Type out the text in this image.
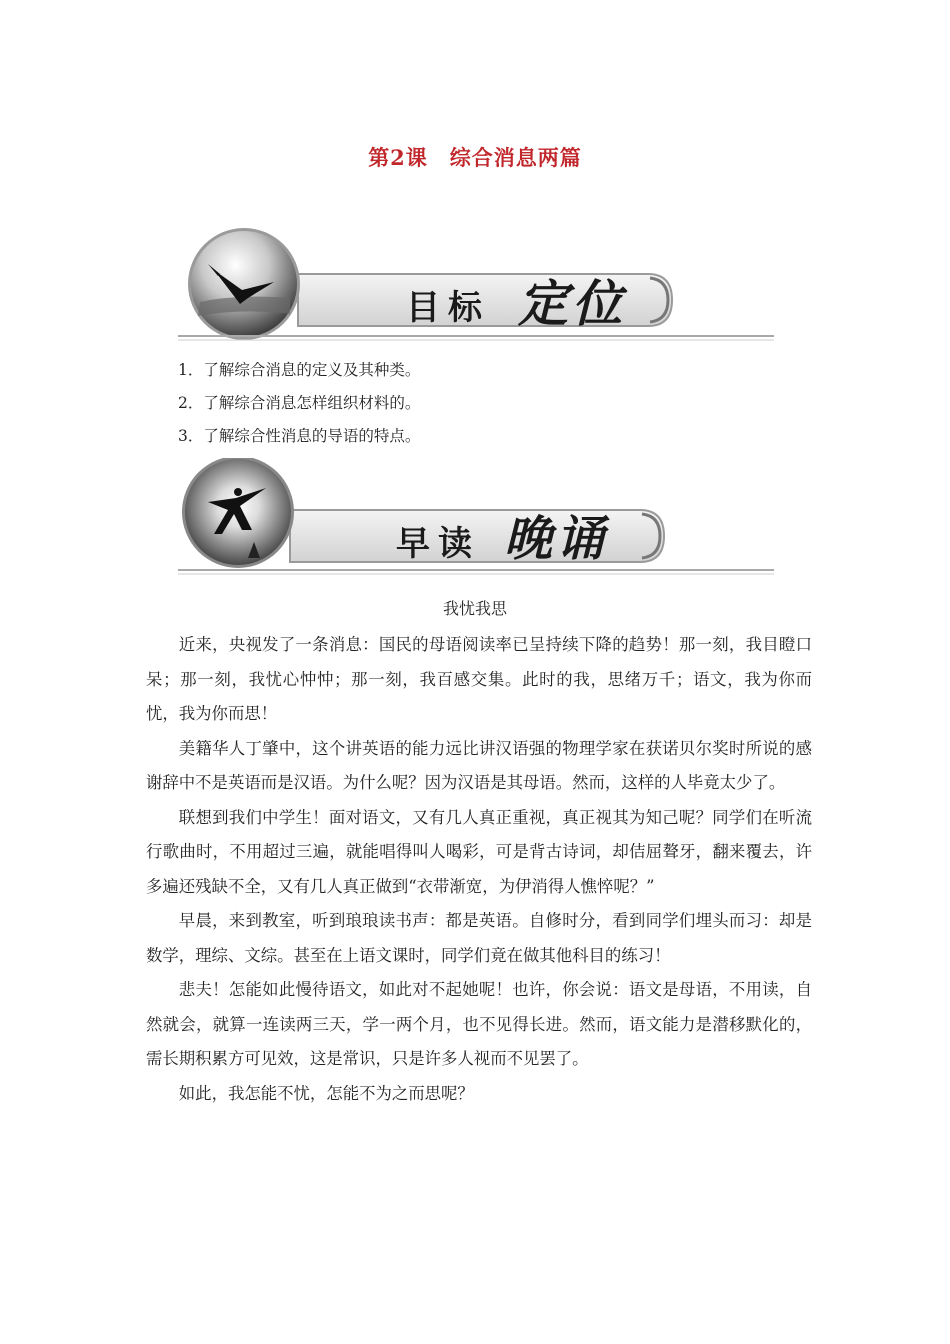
第2课　综合消息两篇
目标 定位
1．了解综合消息的定义及其种类。
2．了解综合消息怎样组织材料的。
3．了解综合性消息的导语的特点。
早读 晚诵
我忧我思

近来，央视发了一条消息：国民的母语阅读率已呈持续下降的趋势！那一刻，我目瞪口呆；那一刻，我忧心忡忡；那一刻，我百感交集。此时的我，思绪万千；语文，我为你而忧，我为你而思！

美籍华人丁肇中，这个讲英语的能力远比讲汉语强的物理学家在获诺贝尔奖时所说的感谢辞中不是英语而是汉语。为什么呢？因为汉语是其母语。然而，这样的人毕竟太少了。

联想到我们中学生！面对语文，又有几人真正重视，真正视其为知己呢？同学们在听流行歌曲时，不用超过三遍，就能唱得叫人喝彩，可是背古诗词，却佶屈聱牙，翻来覆去，许多遍还残缺不全，又有几人真正做到“衣带渐宽，为伊消得人憔悴呢？”

早晨，来到教室，听到琅琅读书声：都是英语。自修时分，看到同学们埋头而习：却是数学，理综、文综。甚至在上语文课时，同学们竟在做其他科目的练习！

悲夫！怎能如此慢待语文，如此对不起她呢！也许，你会说：语文是母语，不用读，自然就会，就算一连读两三天，学一两个月，也不见得长进。然而，语文能力是潜移默化的，需长期积累方可见效，这是常识，只是许多人视而不见罢了。

如此，我怎能不忧，怎能不为之而思呢？
